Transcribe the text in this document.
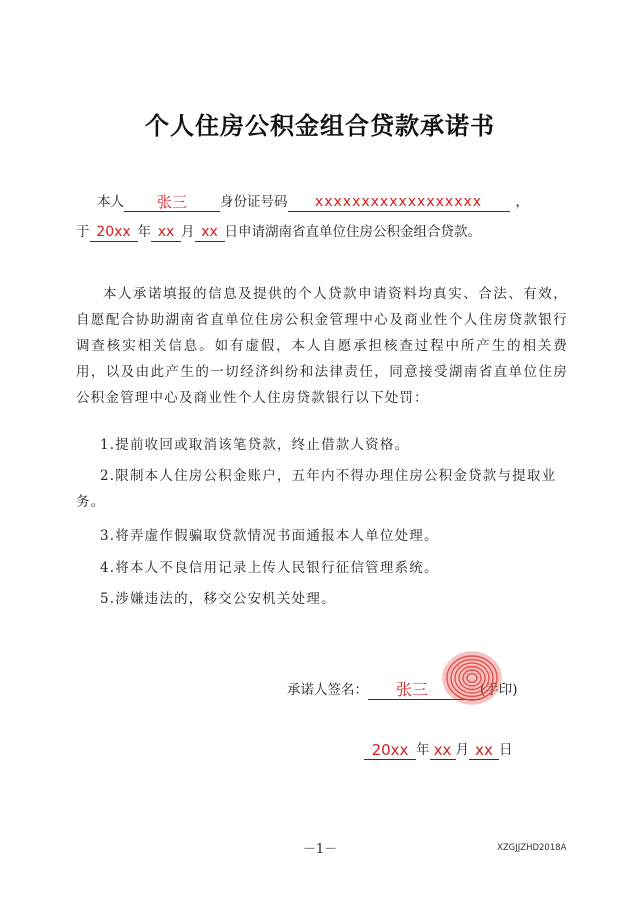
个人住房公积金组合贷款承诺书
本人 张三 身份证号码 xxxxxxxxxxxxxxxxxx ，
于 20xx 年 xx 月 xx 日申请湖南省直单位住房公积金组合贷款。
本人承诺填报的信息及提供的个人贷款申请资料均真实、合法、有效，自愿配合协助湖南省直单位住房公积金管理中心及商业性个人住房贷款银行调查核实相关信息。如有虚假，本人自愿承担核查过程中所产生的相关费用，以及由此产生的一切经济纠纷和法律责任，同意接受湖南省直单位住房公积金管理中心及商业性个人住房贷款银行以下处罚：
1.提前收回或取消该笔贷款，终止借款人资格。
2.限制本人住房公积金账户，五年内不得办理住房公积金贷款与提取业务。
3.将弄虚作假骗取贷款情况书面通报本人单位处理。
4.将本人不良信用记录上传人民银行征信管理系统。
5.涉嫌违法的，移交公安机关处理。
承诺人签名： 张三	(手印)
20xx 年 xx 月 xx 日
－1－	XZGJJZHD2018A
